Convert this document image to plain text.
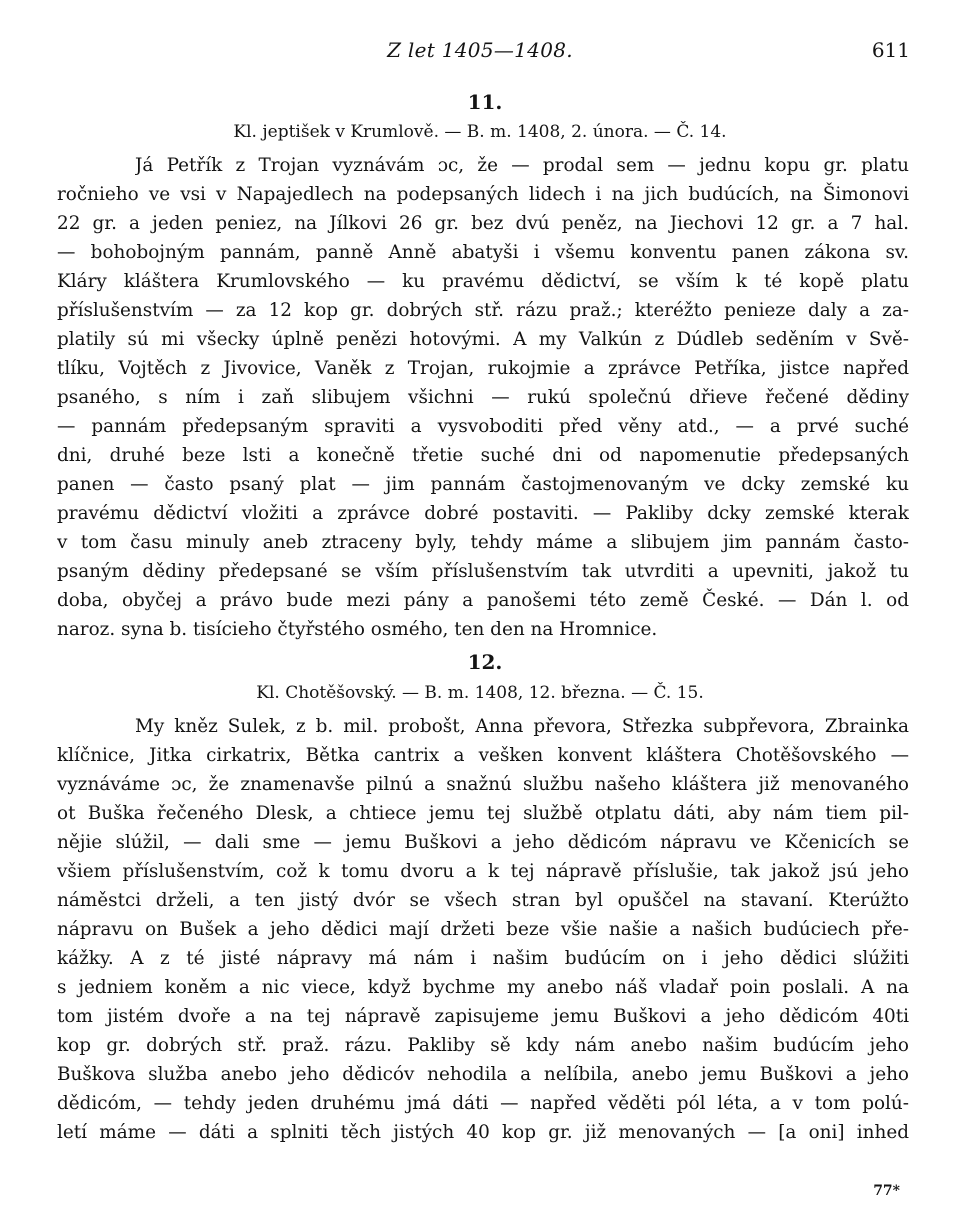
Z let 1405—1408.	611
11.
Kl. jeptišek v Krumlově. — B. m. 1408, 2. února. — Č. 14.
Já Petřík z Trojan vyznávám ɔc, že — prodal sem — jednu kopu gr. platu
ročnieho ve vsi v Napajedlech na podepsaných lidech i na jich budúcích, na Šimonovi
22 gr. a jeden peniez, na Jílkovi 26 gr. bez dvú peněz, na Jiechovi 12 gr. a 7 hal.
— bohobojným pannám, panně Anně abatyši i všemu konventu panen zákona sv.
Kláry kláštera Krumlovského — ku pravému dědictví, se vším k té kopě platu
příslušenstvím — za 12 kop gr. dobrých stř. rázu praž.; kteréžto penieze daly a za-
platily sú mi všecky úplně penězi hotovými. A my Valkún z Dúdleb seděním v Svě-
tlíku, Vojtěch z Jivovice, Vaněk z Trojan, rukojmie a zprávce Petříka, jistce napřed
psaného, s ním i zaň slibujem všichni — rukú společnú dřieve řečené dědiny
— pannám předepsaným spraviti a vysvoboditi před věny atd., — a prvé suché
dni, druhé beze lsti a konečně třetie suché dni od napomenutie předepsaných
panen — často psaný plat — jim pannám častojmenovaným ve dcky zemské ku
pravému dědictví vložiti a zprávce dobré postaviti. — Pakliby dcky zemské kterak
v tom času minuly aneb ztraceny byly, tehdy máme a slibujem jim pannám často-
psaným dědiny předepsané se vším příslušenstvím tak utvrditi a upevniti, jakož tu
doba, obyčej a právo bude mezi pány a panošemi této země České. — Dán l. od
naroz. syna b. tisícieho čtyřstého osmého, ten den na Hromnice.
12.
Kl. Chotěšovský. — B. m. 1408, 12. března. — Č. 15.
My kněz Sulek, z b. mil. probošt, Anna převora, Střezka subpřevora, Zbrainka
klíčnice, Jitka cirkatrix, Bětka cantrix a vešken konvent kláštera Chotěšovského —
vyznáváme ɔc, že znamenavše pilnú a snažnú službu našeho kláštera již menovaného
ot Buška řečeného Dlesk, a chtiece jemu tej službě otplatu dáti, aby nám tiem pil-
nějie slúžil, — dali sme — jemu Buškovi a jeho dědicóm nápravu ve Kčenicích se
všiem příslušenstvím, což k tomu dvoru a k tej nápravě příslušie, tak jakož jsú jeho
náměstci drželi, a ten jistý dvór se všech stran byl opuščel na stavaní. Kterúžto
nápravu on Bušek a jeho dědici mají držeti beze všie našie a našich budúciech pře-
kážky. A z té jisté nápravy má nám i našim budúcím on i jeho dědici slúžiti
s jedniem koněm a nic viece, když bychme my anebo náš vladař poin poslali. A na
tom jistém dvoře a na tej nápravě zapisujeme jemu Buškovi a jeho dědicóm 40ti
kop gr. dobrých stř. praž. rázu. Pakliby sě kdy nám anebo našim budúcím jeho
Buškova služba anebo jeho dědicóv nehodila a nelíbila, anebo jemu Buškovi a jeho
dědicóm, — tehdy jeden druhému jmá dáti — napřed věděti pól léta, a v tom polú-
letí máme — dáti a splniti těch jistých 40 kop gr. již menovaných — [a oni] inhed
77*
